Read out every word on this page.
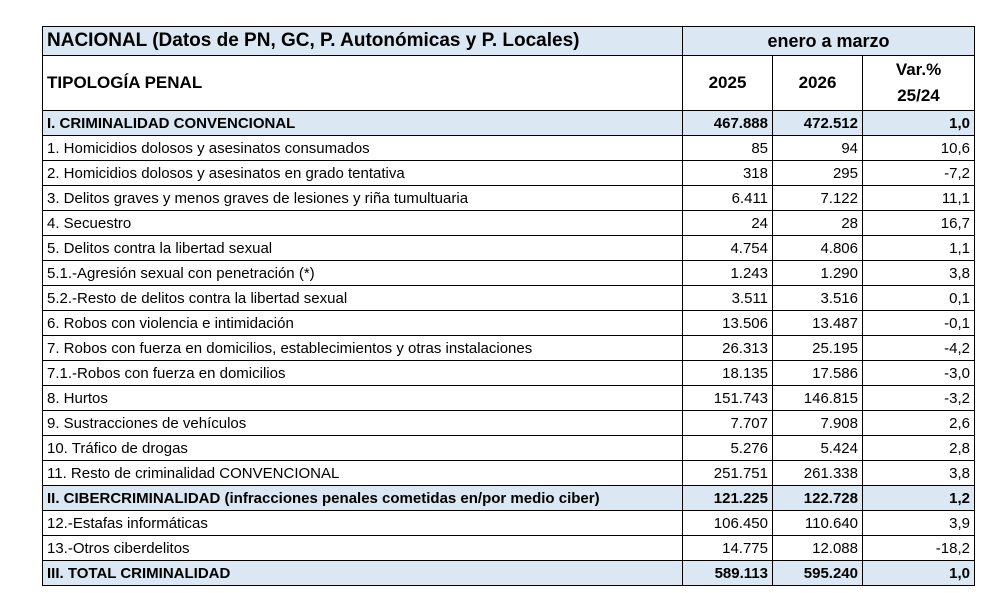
NACIONAL (Datos de PN, GC, P. Autonómicas y P. Locales)	enero a marzo		
TIPOLOGÍA PENAL	2025	2026	Var.%
25/24
I. CRIMINALIDAD CONVENCIONAL	467.888	472.512	1,0
1. Homicidios dolosos y asesinatos consumados	85	94	10,6
2. Homicidios dolosos y asesinatos en grado tentativa	318	295	-7,2
3. Delitos graves y menos graves de lesiones y riña tumultuaria	6.411	7.122	11,1
4. Secuestro	24	28	16,7
5. Delitos contra la libertad sexual	4.754	4.806	1,1
5.1.-Agresión sexual con penetración (*)	1.243	1.290	3,8
5.2.-Resto de delitos contra la libertad sexual	3.511	3.516	0,1
6. Robos con violencia e intimidación	13.506	13.487	-0,1
7. Robos con fuerza en domicilios, establecimientos y otras instalaciones	26.313	25.195	-4,2
7.1.-Robos con fuerza en domicilios	18.135	17.586	-3,0
8. Hurtos	151.743	146.815	-3,2
9. Sustracciones de vehículos	7.707	7.908	2,6
10. Tráfico de drogas	5.276	5.424	2,8
11. Resto de criminalidad CONVENCIONAL	251.751	261.338	3,8
II. CIBERCRIMINALIDAD (infracciones penales cometidas en/por medio ciber)	121.225	122.728	1,2
12.-Estafas informáticas	106.450	110.640	3,9
13.-Otros ciberdelitos	14.775	12.088	-18,2
III. TOTAL CRIMINALIDAD	589.113	595.240	1,0
